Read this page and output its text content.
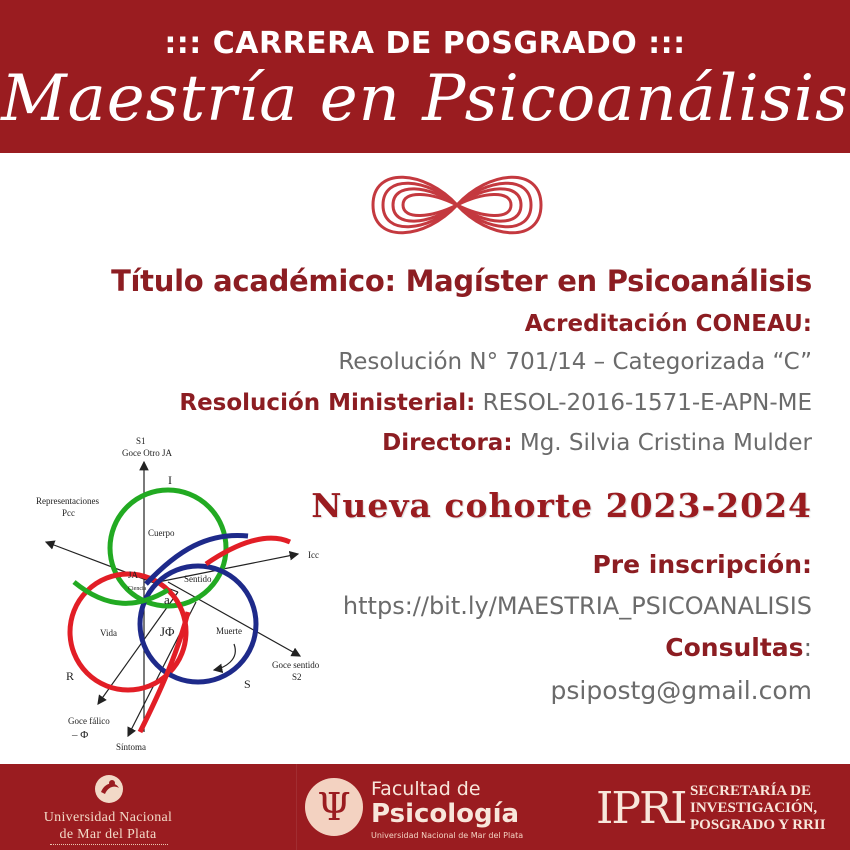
::: CARRERA DE POSGRADO :::
Maestría en Psicoanálisis
Título académico: Magíster en Psicoanálisis
Acreditación CONEAU:
Resolución N° 701/14 – Categorizada “C”
Resolución Ministerial: RESOL-2016-1571-E-APN-ME
Directora: Mg. Silvia Cristina Mulder
Nueva cohorte 2023-2024
Pre inscripción:
https://bit.ly/MAESTRIA_PSICOANALISIS
Consultas:
psipostg@gmail.com
S1
Goce Otro JA
I
Representaciones
Pcc
Cuerpo
Icc
JA
Ciencia
Sentido
a
Vida	JΦ	Muerte
Goce sentido
S2
R
S
Goce fálico
– Φ
Síntoma
Universidad Nacional
de Mar del Plata
Ψ	Facultad de
Psicología
Universidad Nacional de Mar del Plata
IPRI SECRETARÍA DE
INVESTIGACIÓN,
POSGRADO Y RRII
